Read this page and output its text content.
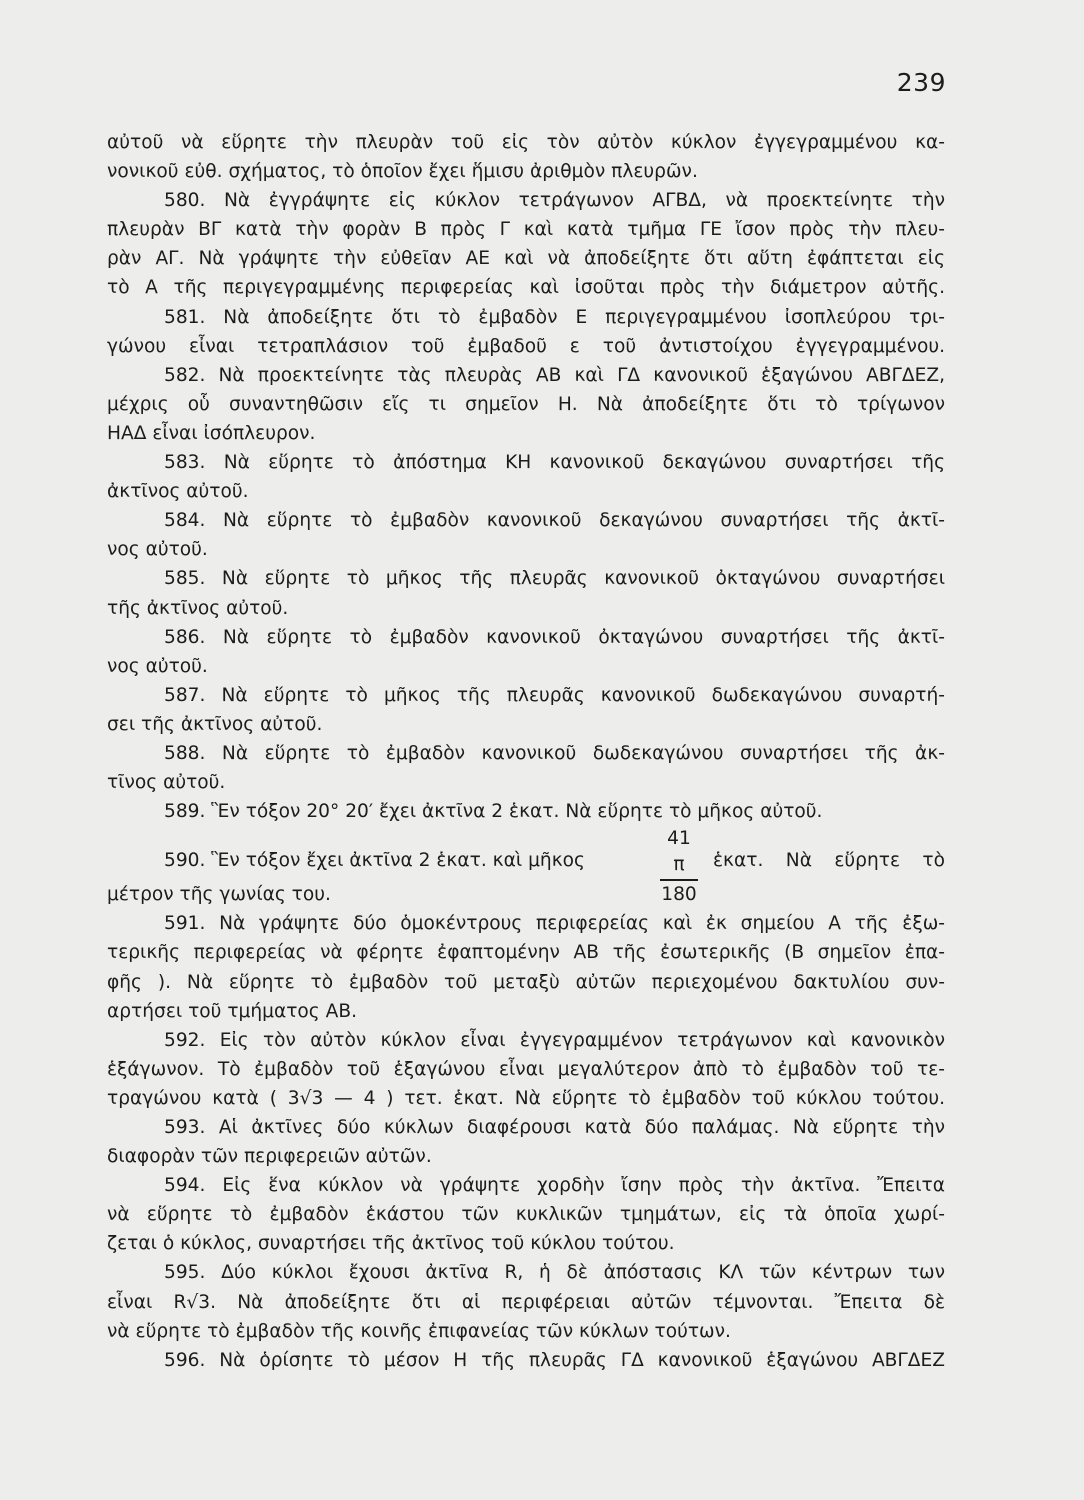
239
αὐτοῦ νὰ εὕρητε τὴν πλευρὰν τοῦ εἰς τὸν αὐτὸν κύκλον ἐγγεγραμμένου κα-
νονικοῦ εὐθ. σχήματος, τὸ ὁποῖον ἔχει ἥμισυ ἀριθμὸν πλευρῶν.
580. Νὰ ἐγγράψητε εἰς κύκλον τετράγωνον ΑΓΒΔ, νὰ προεκτείνητε τὴν
πλευρὰν ΒΓ κατὰ τὴν φορὰν Β πρὸς Γ καὶ κατὰ τμῆμα ΓΕ ἴσον πρὸς τὴν πλευ-
ρὰν ΑΓ. Νὰ γράψητε τὴν εὐθεῖαν ΑΕ καὶ νὰ ἀποδείξητε ὅτι αὕτη ἐφάπτεται εἰς
τὸ Α τῆς περιγεγραμμένης περιφερείας καὶ ἰσοῦται πρὸς τὴν διάμετρον αὐτῆς.
581. Νὰ ἀποδείξητε ὅτι τὸ ἐμβαδὸν Ε περιγεγραμμένου ἰσοπλεύρου τρι-
γώνου εἶναι τετραπλάσιον τοῦ ἐμβαδοῦ ε τοῦ ἀντιστοίχου ἐγγεγραμμένου.
582. Νὰ προεκτείνητε τὰς πλευρὰς ΑΒ καὶ ΓΔ κανονικοῦ ἑξαγώνου ΑΒΓΔΕΖ,
μέχρις οὗ συναντηθῶσιν εἴς τι σημεῖον Η. Νὰ ἀποδείξητε ὅτι τὸ τρίγωνον
ΗΑΔ εἶναι ἰσόπλευρον.
583. Νὰ εὕρητε τὸ ἀπόστημα ΚΗ κανονικοῦ δεκαγώνου συναρτήσει τῆς
ἀκτῖνος αὐτοῦ.
584. Νὰ εὕρητε τὸ ἐμβαδὸν κανονικοῦ δεκαγώνου συναρτήσει τῆς ἀκτῖ-
νος αὐτοῦ.
585. Νὰ εὕρητε τὸ μῆκος τῆς πλευρᾶς κανονικοῦ ὀκταγώνου συναρτήσει
τῆς ἀκτῖνος αὐτοῦ.
586. Νὰ εὕρητε τὸ ἐμβαδὸν κανονικοῦ ὀκταγώνου συναρτήσει τῆς ἀκτῖ-
νος αὐτοῦ.
587. Νὰ εὕρητε τὸ μῆκος τῆς πλευρᾶς κανονικοῦ δωδεκαγώνου συναρτή-
σει τῆς ἀκτῖνος αὐτοῦ.
588. Νὰ εὕρητε τὸ ἐμβαδὸν κανονικοῦ δωδεκαγώνου συναρτήσει τῆς ἀκ-
τῖνος αὐτοῦ.
589. Ἓν τόξον 20° 20′ ἔχει ἀκτῖνα 2 ἑκατ. Νὰ εὕρητε τὸ μῆκος αὐτοῦ.
590. Ἓν τόξον ἔχει ἀκτῖνα 2 ἑκατ. καὶ μῆκος
41 π
180
ἑκατ. Νὰ εὕρητε τὸ
μέτρον τῆς γωνίας του.
591. Νὰ γράψητε δύο ὁμοκέντρους περιφερείας καὶ ἐκ σημείου Α τῆς ἐξω-
τερικῆς περιφερείας νὰ φέρητε ἐφαπτομένην ΑΒ τῆς ἐσωτερικῆς (Β σημεῖον ἐπα-
φῆς ). Νὰ εὕρητε τὸ ἐμβαδὸν τοῦ μεταξὺ αὐτῶν περιεχομένου δακτυλίου συν-
αρτήσει τοῦ τμήματος ΑΒ.
592. Εἰς τὸν αὐτὸν κύκλον εἶναι ἐγγεγραμμένον τετράγωνον καὶ κανονικὸν
ἑξάγωνον. Τὸ ἐμβαδὸν τοῦ ἑξαγώνου εἶναι μεγαλύτερον ἀπὸ τὸ ἐμβαδὸν τοῦ τε-
τραγώνου κατὰ ( 3√3 — 4 ) τετ. ἑκατ. Νὰ εὕρητε τὸ ἐμβαδὸν τοῦ κύκλου τούτου.
593. Αἱ ἀκτῖνες δύο κύκλων διαφέρουσι κατὰ δύο παλάμας. Νὰ εὕρητε τὴν
διαφορὰν τῶν περιφερειῶν αὐτῶν.
594. Εἰς ἕνα κύκλον νὰ γράψητε χορδὴν ἴσην πρὸς τὴν ἀκτῖνα. Ἔπειτα
νὰ εὕρητε τὸ ἐμβαδὸν ἑκάστου τῶν κυκλικῶν τμημάτων, εἰς τὰ ὁποῖα χωρί-
ζεται ὁ κύκλος, συναρτήσει τῆς ἀκτῖνος τοῦ κύκλου τούτου.
595. Δύο κύκλοι ἔχουσι ἀκτῖνα R, ἡ δὲ ἀπόστασις ΚΛ τῶν κέντρων των
εἶναι R√3. Νὰ ἀποδείξητε ὅτι αἱ περιφέρειαι αὐτῶν τέμνονται. Ἔπειτα δὲ
νὰ εὕρητε τὸ ἐμβαδὸν τῆς κοινῆς ἐπιφανείας τῶν κύκλων τούτων.
596. Νὰ ὁρίσητε τὸ μέσον Η τῆς πλευρᾶς ΓΔ κανονικοῦ ἑξαγώνου ΑΒΓΔΕΖ
